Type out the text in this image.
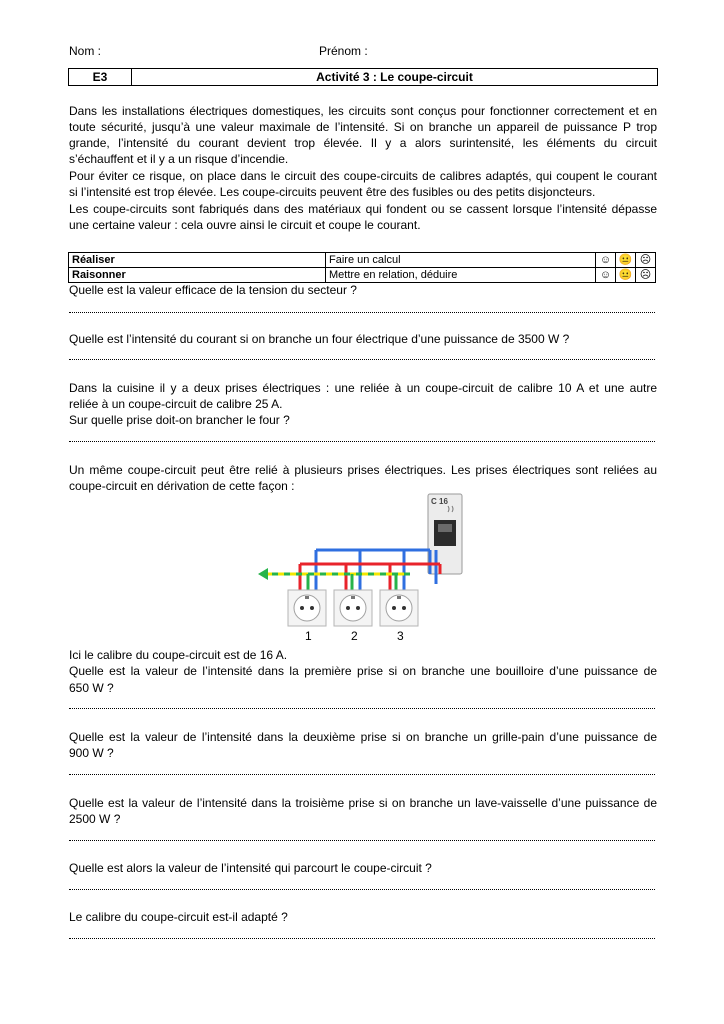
Nom :	Prénom :
E3	Activité 3 : Le coupe-circuit
Dans les installations électriques domestiques, les circuits sont conçus pour fonctionner correctement et en
toute sécurité, jusqu’à une valeur maximale de l’intensité. Si on branche un appareil de puissance P trop
grande, l’intensité du courant devient trop élevée. Il y a alors surintensité, les éléments du circuit
s’échauffent et il y a un risque d’incendie.
Pour éviter ce risque, on place dans le circuit des coupe-circuits de calibres adaptés, qui coupent le courant
si l’intensité est trop élevée. Les coupe-circuits peuvent être des fusibles ou des petits disjoncteurs.
Les coupe-circuits sont fabriqués dans des matériaux qui fondent ou se cassent lorsque l’intensité dépasse
une certaine valeur : cela ouvre ainsi le circuit et coupe le courant.
Réaliser	Faire un calcul	☺	😐	☹
Raisonner	Mettre en relation, déduire	☺	😐	☹
Quelle est la valeur efficace de la tension du secteur ?
Quelle est l’intensité du courant si on branche un four électrique d’une puissance de 3500 W ?
Dans la cuisine il y a deux prises électriques : une reliée à un coupe-circuit de calibre 10 A et une autre
reliée à un coupe-circuit de calibre 25 A.
Sur quelle prise doit-on brancher le four ?
Un même coupe-circuit peut être relié à plusieurs prises électriques. Les prises électriques sont reliées au
coupe-circuit en dérivation de cette façon :
C 16
1	2	3
Ici le calibre du coupe-circuit est de 16 A.
Quelle est la valeur de l’intensité dans la première prise si on branche une bouilloire d’une puissance de
650 W ?
Quelle est la valeur de l’intensité dans la deuxième prise si on branche un grille-pain d’une puissance de
900 W ?
Quelle est la valeur de l’intensité dans la troisième prise si on branche un lave-vaisselle d’une puissance de
2500 W ?
Quelle est alors la valeur de l’intensité qui parcourt le coupe-circuit ?
Le calibre du coupe-circuit est-il adapté ?
